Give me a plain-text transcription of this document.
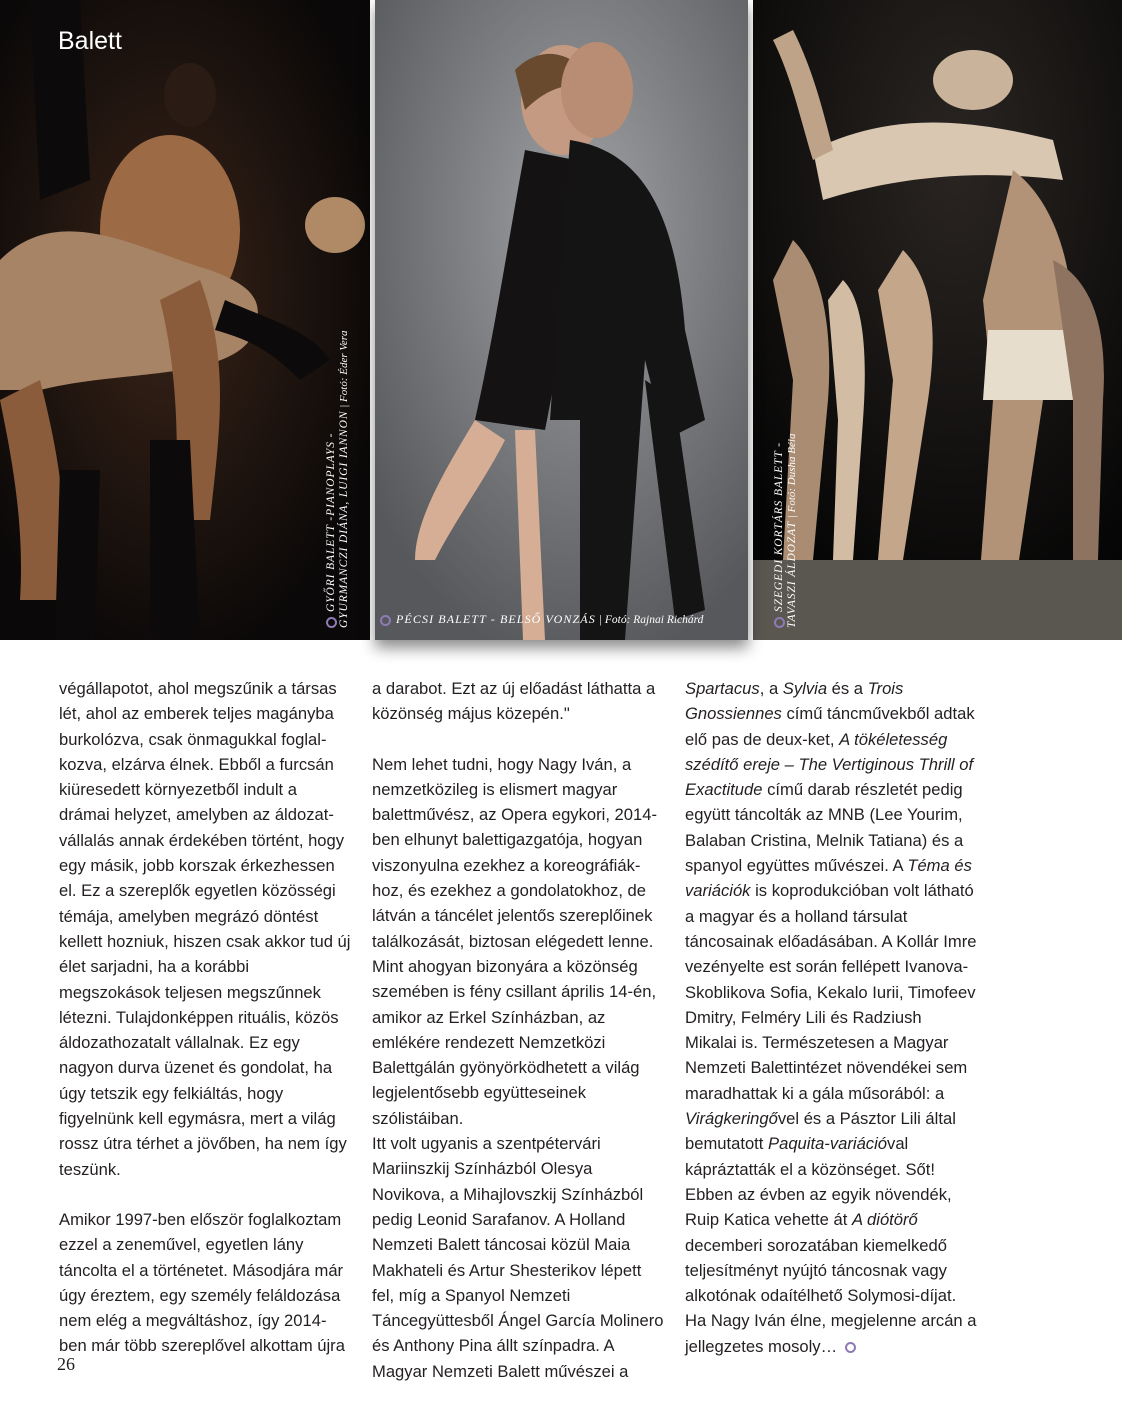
Balett
GYŐRI BALETT -PIANOPLAYS - GYURMANCZI DIÁNA, LUIGI IANNON | Fotó: Éder Vera
PÉCSI BALETT - BELSŐ VONZÁS | Fotó: Rajnai Richárd
SZEGEDI KORTÁRS BALETT - TAVASZI ÁLDOZAT | Fotó: Dusha Béla

végállapotot, ahol megszűnik a társas lét, ahol az emberek teljes magányba burkolózva, csak önmagukkal foglalkozva, elzárva élnek. Ebből a furcsán kiüresedett környezetből indult a drámai helyzet, amelyben az áldozatvállalás annak érdekében történt, hogy egy másik, jobb korszak érkezhessen el. Ez a szereplők egyetlen közösségi témája, amelyben megrázó döntést kellett hozniuk, hiszen csak akkor tud új élet sarjadni, ha a korábbi megszokások teljesen megszűnnek létezni. Tulajdonképpen rituális, közös áldozathozatalt vállalnak. Ez egy nagyon durva üzenet és gondolat, ha úgy tetszik egy felkiáltás, hogy figyelnünk kell egymásra, mert a világ rossz útra térhet a jövőben, ha nem így teszünk.

Amikor 1997-ben először foglalkoztam ezzel a zeneművel, egyetlen lány táncolta el a történetet. Másodjára már úgy éreztem, egy személy feláldozása nem elég a megváltáshoz, így 2014-ben már több szereplővel alkottam újra

a darabot. Ezt az új előadást láthatta a közönség május közepén."

Nem lehet tudni, hogy Nagy Iván, a nemzetközileg is elismert magyar balettművész, az Opera egykori, 2014-ben elhunyt balettigazgatója, hogyan viszonyulna ezekhez a koreográfiákhoz, és ezekhez a gondolatokhoz, de látván a táncélet jelentős szereplőinek találkozását, biztosan elégedett lenne. Mint ahogyan bizonyára a közönség szemében is fény csillant április 14-én, amikor az Erkel Színházban, az emlékére rendezett Nemzetközi Balettgálán gyönyörködhetett a világ legjelentősebb együtteseinek szólistáiban.
Itt volt ugyanis a szentpétervári Mariinszkij Színházból Olesya Novikova, a Mihajlovszkij Színházból pedig Leonid Sarafanov. A Holland Nemzeti Balett táncosai közül Maia Makhateli és Artur Shesterikov lépett fel, míg a Spanyol Nemzeti Táncegyüttesből Ángel García Molinero és Anthony Pina állt színpadra. A Magyar Nemzeti Balett művészei a

Spartacus, a Sylvia és a Trois Gnossiennes című táncművekből adtak elő pas de deux-ket, A tökéletesség szédítő ereje – The Vertiginous Thrill of Exactitude című darab részletét pedig együtt táncolták az MNB (Lee Yourim, Balaban Cristina, Melnik Tatiana) és a spanyol együttes művészei. A Téma és variációk is koprodukcióban volt látható a magyar és a holland társulat táncosainak előadásában. A Kollár Imre vezényelte est során fellépett Ivanova-Skoblikova Sofia, Kekalo Iurii, Timofeev Dmitry, Felméry Lili és Radziush Mikalai is. Természetesen a Magyar Nemzeti Balettintézet növendékei sem maradhattak ki a gála műsorából: a Virágkeringővel és a Pásztor Lili által bemutatott Paquita-variációval kápráztatták el a közönséget. Sőt! Ebben az évben az egyik növendék, Ruip Katica vehette át A diótörő decemberi sorozatában kiemelkedő teljesítményt nyújtó táncosnak vagy alkotónak odaítélhető Solymosi-díjat. Ha Nagy Iván élne, megjelenne arcán a jellegzetes mosoly…

26
